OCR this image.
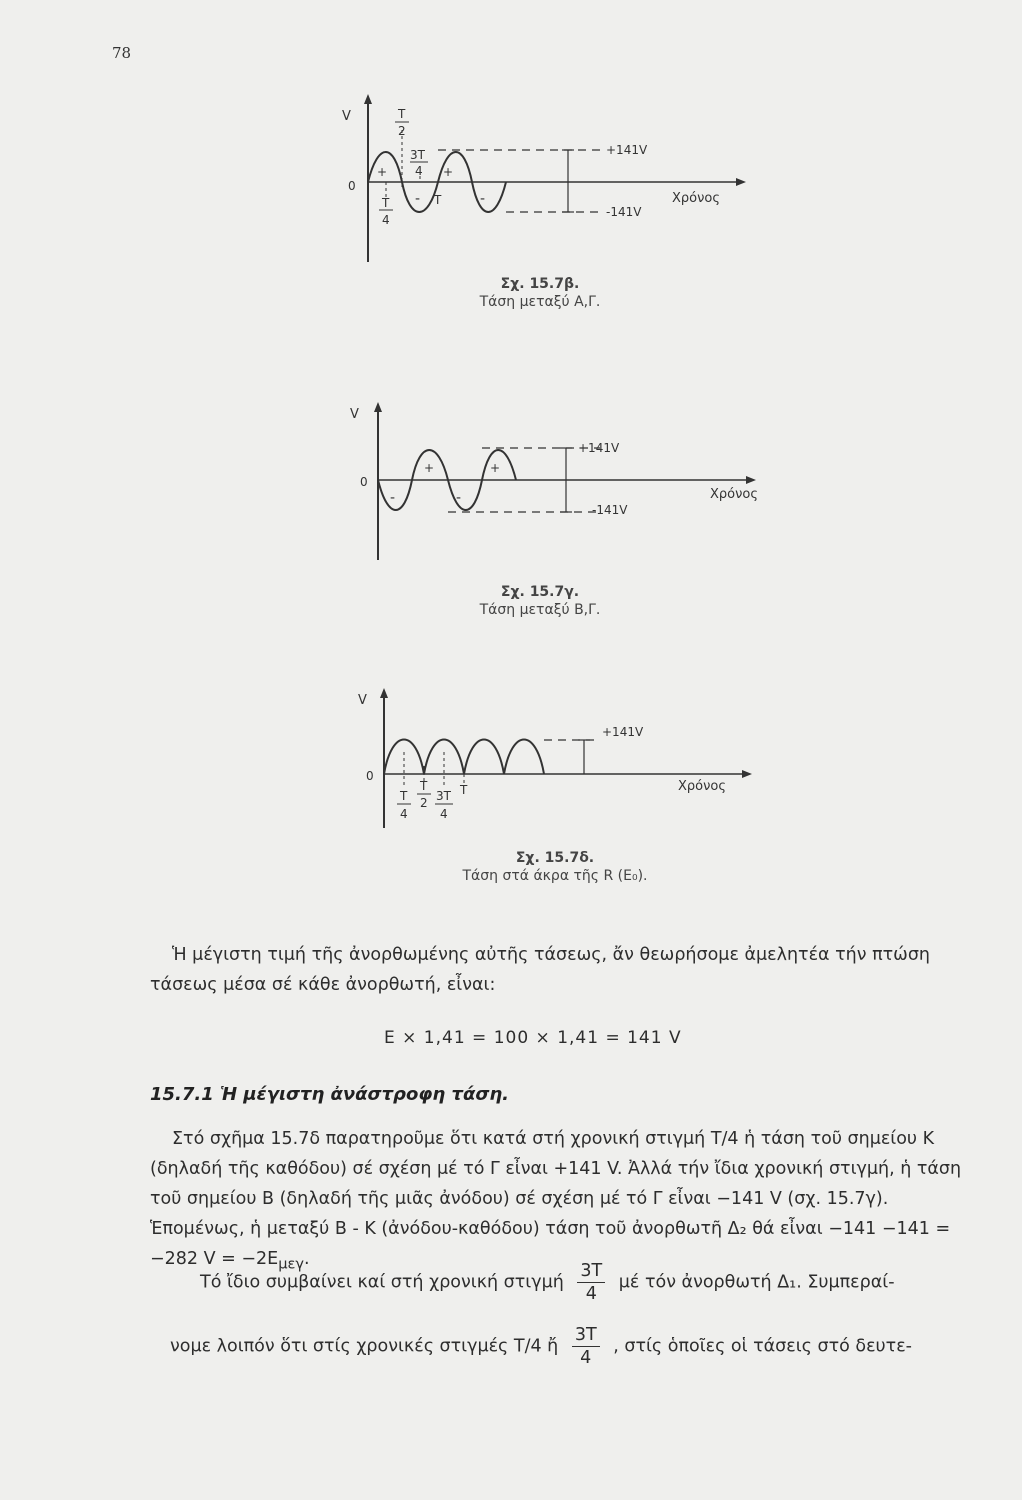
78
V
0
T
2
3T
4
T
4
T
+	+
-	-
+141V
-141V
Χρόνος
Σχ. 15.7β.
Τάση μεταξύ Α,Γ.
V
0
+	+
-	-
+141V
-141V
Χρόνος
Σχ. 15.7γ.
Τάση μεταξύ Β,Γ.
V
0
T
4
T
2 3T
4
T
+141V
Χρόνος
Σχ. 15.7δ.
Τάση στά άκρα τῆς R (E₀).

Ἡ μέγιστη τιμή τῆς ἀνορθωμένης αὐτῆς τάσεως, ἄν θεωρήσομε ἀμελητέα τήν πτώση τάσεως μέσα σέ κάθε ἀνορθωτή, εἶναι:

E × 1,41 = 100 × 1,41 = 141 V
15.7.1 Ἡ μέγιστη ἀνάστροφη τάση.

Στό σχῆμα 15.7δ παρατηροῦμε ὅτι κατά στή χρονική στιγμή T/4 ἡ τάση τοῦ σημείου Κ (δηλαδή τῆς καθόδου) σέ σχέση μέ τό Γ εἶναι +141 V. Ἀλλά τήν ἴδια χρονική στιγμή, ἡ τάση τοῦ σημείου Β (δηλαδή τῆς μιᾶς ἀνόδου) σέ σχέση μέ τό Γ εἶναι −141 V (σχ. 15.7γ). Ἑπομένως, ἡ μεταξύ Β - Κ (ἀνόδου-καθόδου) τάση τοῦ ἀνορθωτῆ Δ₂ θά εἶναι −141 −141 = −282 $V = -2E_{\mu\varepsilon\gamma}$.

Τό ἴδιο συμβαίνει καί στή χρονική στιγμή $\frac{3T}{4}$ μέ τόν ἀνορθωτή Δ₁. Συμπεραί-
νομε λοιπόν ὅτι στίς χρονικές στιγμές T/4 ἤ $\frac{3T}{4}$ , στίς ὁποῖες οἱ τάσεις στό δευτε-
